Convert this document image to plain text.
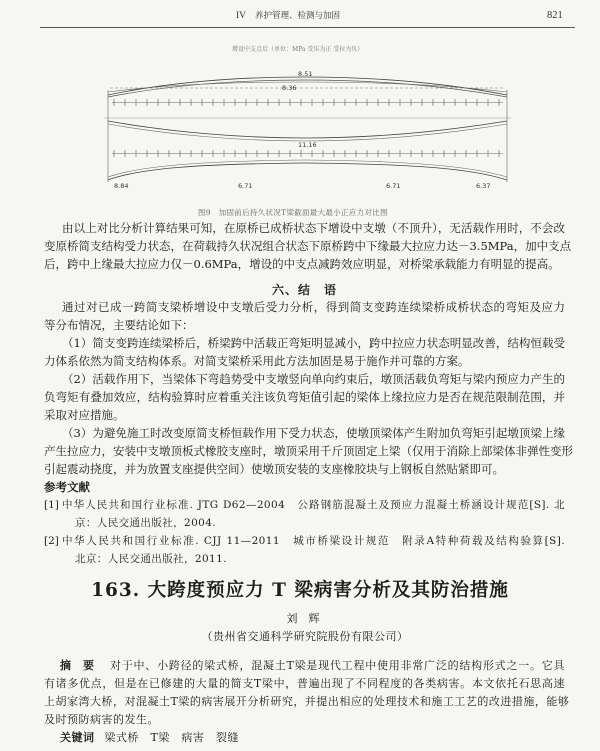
IV 养护管理、检测与加固	821
增设中支点后（单位：MPa 受压为正 受拉为负）
8.51
8.36
11.16
8.84	6.71	6.71	6.37
图9　加固前后持久状况T梁截面最大最小正应力对比图
由以上对比分析计算结果可知，在原桥已成桥状态下增设中支墩（不顶升），无活载作用时，不会改
变原桥简支结构受力状态，在荷载持久状况组合状态下原桥跨中下缘最大拉应力达－3.5MPa，加中支点
后，跨中上缘最大拉应力仅－0.6MPa，增设的中支点减跨效应明显，对桥梁承载能力有明显的提高。
六、结　语
通过对已成一跨简支梁桥增设中支墩后受力分析，得到简支变跨连续梁桥成桥状态的弯矩及应力
等分布情况，主要结论如下：
（1）简支变跨连续梁桥后，桥梁跨中活载正弯矩明显减小，跨中拉应力状态明显改善，结构恒载受
力体系依然为简支结构体系。对简支梁桥采用此方法加固是易于施作并可靠的方案。
（2）活载作用下，当梁体下弯趋势受中支墩竖向单向约束后，墩顶活载负弯矩与梁内预应力产生的
负弯矩有叠加效应，结构验算时应着重关注该负弯矩值引起的梁体上缘拉应力是否在规范限制范围，并
采取对应措施。
（3）为避免施工时改变原简支桥恒载作用下受力状态，使墩顶梁体产生附加负弯矩引起墩顶梁上缘
产生拉应力，安装中支墩顶板式橡胶支座时，墩顶采用千斤顶固定上梁（仅用于消除上部梁体非弹性变形
引起震动挠度，并为放置支座提供空间）使墩顶安装的支座橡胶块与上钢板自然贴紧即可。
参考文献
[1] 中华人民共和国行业标准. JTG D62—2004　公路钢筋混凝土及预应力混凝土桥涵设计规范[S]. 北
京：人民交通出版社，2004.
[2] 中华人民共和国行业标准. CJJ 11—2011　城市桥梁设计规范　附录A特种荷载及结构验算[S].
北京：人民交通出版社，2011.
163. 大跨度预应力 T 梁病害分析及其防治措施
刘　辉
（贵州省交通科学研究院股份有限公司）
摘　要	对于中、小跨径的梁式桥，混凝土T梁是现代工程中使用非常广泛的结构形式之一。它具
有诸多优点，但是在已修建的大量的简支T梁中，普遍出现了不同程度的各类病害。本文依托石思高速
上胡家湾大桥，对混凝土T梁的病害展开分析研究，并提出相应的处理技术和施工工艺的改进措施，能够
及时预防病害的发生。
关键词 梁式桥　T梁　病害　裂缝
